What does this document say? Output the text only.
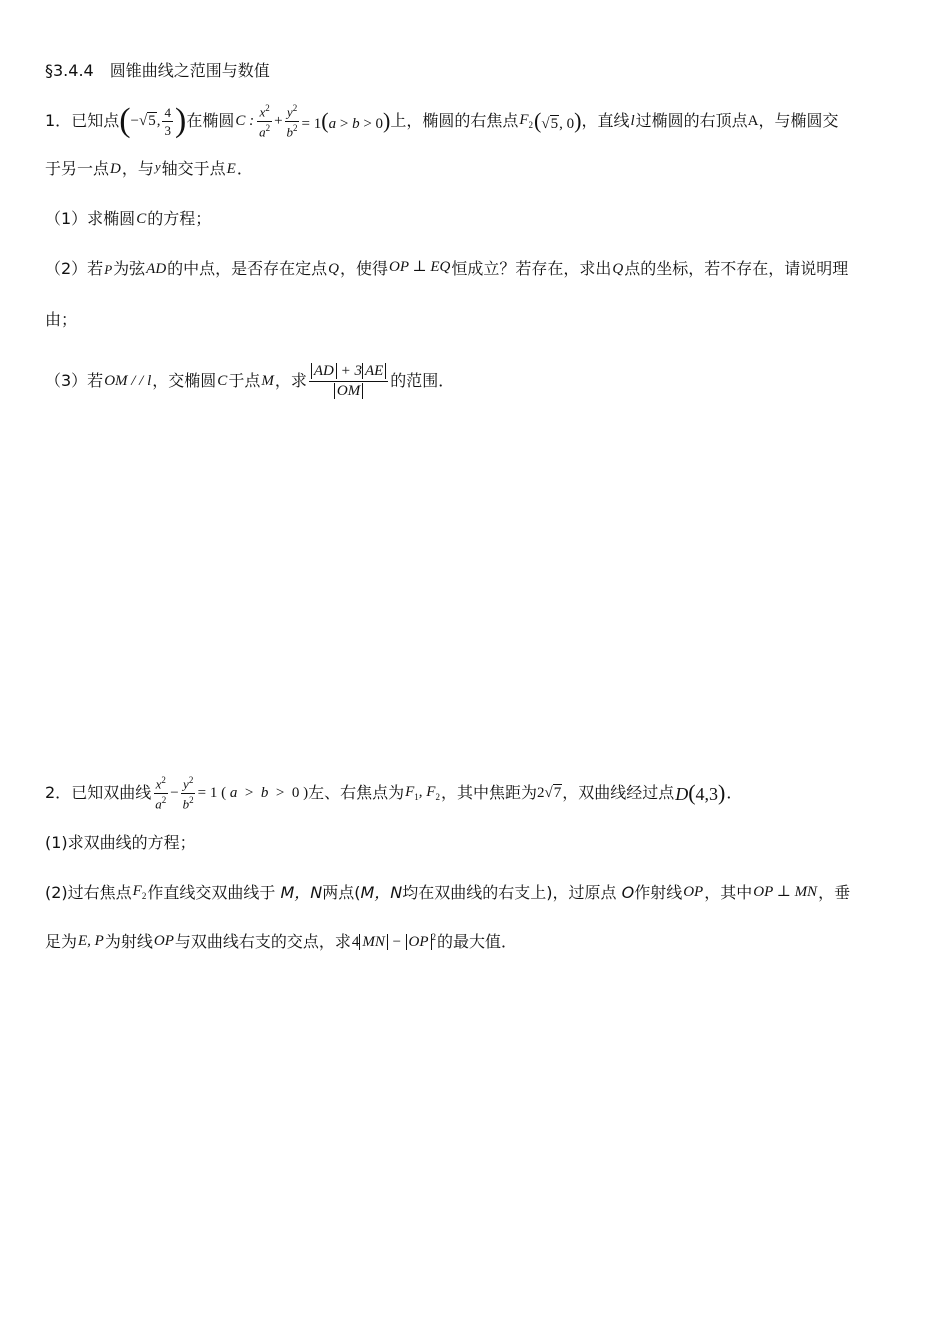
§3.4.4　圆锥曲线之范围与数值
1． 已知点 ( −√5, $\frac{4}{3}$ ) 在椭圆 C : $\frac{x^2}{a^2} + \frac{y^2}{b^2} = 1(a > b > 0)$ 上，椭圆的右焦点 $F_2$ (√5, 0) ，直线 l 过椭圆的右顶点 A ，与椭圆交
于另一点 D ，与 y 轴交于点 E ．
（1）求椭圆 C 的方程；
（2）若 P 为弦 AD 的中点，是否存在定点 Q ，使得 OP ⊥ EQ 恒成立？若存在，求出 Q 点的坐标，若不存在，请说明理
由；
（3）若 OM / / l ，交椭圆 C 于点 M ，求 $\frac{AD + 3 AE}{OM}$ 的范围．
2． 已知双曲线 $\frac{x^2}{a^2} - \frac{y^2}{b^2} = 1$ ( a  >  b  >  0 ) 左、右焦点为 $F_1$, $F_2$ ，其中焦距为 2√7 ，双曲线经过点 D(4,3) ．
(1)求双曲线的方程；
(2)过右焦点 $F_2$ 作直线交双曲线于 M，N 两点( M，N 均在双曲线的右支上)，过原点 O 作射线 OP ，其中 OP ⊥ MN ，垂
足为 E, P 为射线 OP 与双曲线右支的交点，求 4 MN − OP $^2$ 的最大值．
